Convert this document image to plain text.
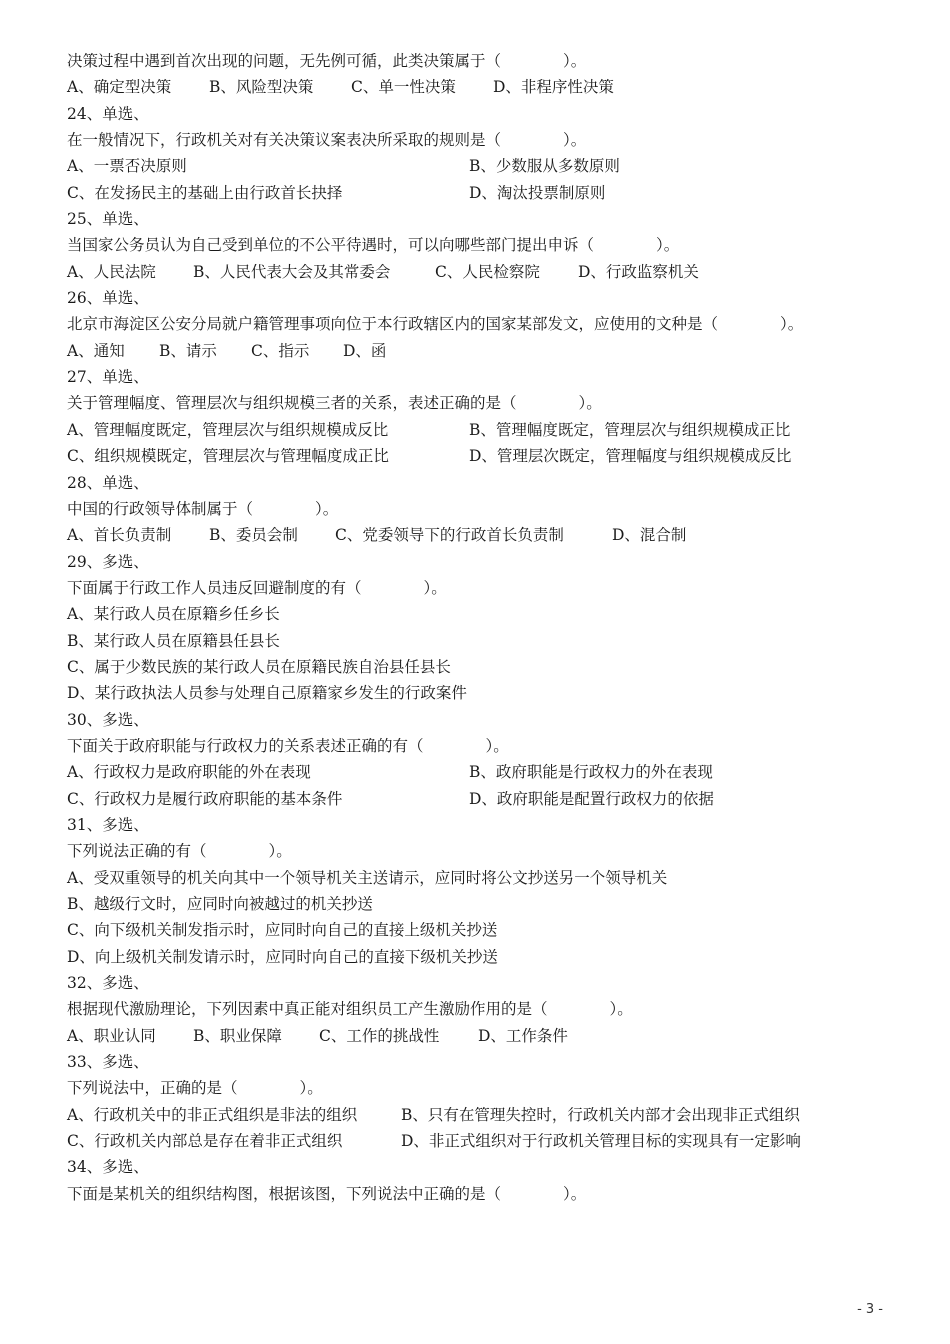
决策过程中遇到首次出现的问题，无先例可循，此类决策属于（　　　　）。
A、确定型决策 B、风险型决策 C、单一性决策 D、非程序性决策
24、单选、
在一般情况下，行政机关对有关决策议案表决所采取的规则是（　　　　）。
A、一票否决原则	B、少数服从多数原则
C、在发扬民主的基础上由行政首长抉择	D、淘汰投票制原则
25、单选、
当国家公务员认为自己受到单位的不公平待遇时，可以向哪些部门提出申诉（　　　　）。
A、人民法院 B、人民代表大会及其常委会	C、人民检察院 D、行政监察机关
26、单选、
北京市海淀区公安分局就户籍管理事项向位于本行政辖区内的国家某部发文，应使用的文种是（　　　　）。
A、通知 B、请示 C、指示 D、函
27、单选、
关于管理幅度、管理层次与组织规模三者的关系，表述正确的是（　　　　）。
A、管理幅度既定，管理层次与组织规模成反比	B、管理幅度既定，管理层次与组织规模成正比
C、组织规模既定，管理层次与管理幅度成正比	D、管理层次既定，管理幅度与组织规模成反比
28、单选、
中国的行政领导体制属于（　　　　）。
A、首长负责制 B、委员会制 C、党委领导下的行政首长负责制	D、混合制
29、多选、
下面属于行政工作人员违反回避制度的有（　　　　）。
A、某行政人员在原籍乡任乡长
B、某行政人员在原籍县任县长
C、属于少数民族的某行政人员在原籍民族自治县任县长
D、某行政执法人员参与处理自己原籍家乡发生的行政案件
30、多选、
下面关于政府职能与行政权力的关系表述正确的有（　　　　）。
A、行政权力是政府职能的外在表现	B、政府职能是行政权力的外在表现
C、行政权力是履行政府职能的基本条件	D、政府职能是配置行政权力的依据
31、多选、
下列说法正确的有（　　　　）。
A、受双重领导的机关向其中一个领导机关主送请示，应同时将公文抄送另一个领导机关
B、越级行文时，应同时向被越过的机关抄送
C、向下级机关制发指示时，应同时向自己的直接上级机关抄送
D、向上级机关制发请示时，应同时向自己的直接下级机关抄送
32、多选、
根据现代激励理论，下列因素中真正能对组织员工产生激励作用的是（　　　　）。
A、职业认同 B、职业保障 C、工作的挑战性 D、工作条件
33、多选、
下列说法中，正确的是（　　　　）。
A、行政机关中的非正式组织是非法的组织	B、只有在管理失控时，行政机关内部才会出现非正式组织
C、行政机关内部总是存在着非正式组织	D、非正式组织对于行政机关管理目标的实现具有一定影响
34、多选、
下面是某机关的组织结构图，根据该图，下列说法中正确的是（　　　　）。
- 3 -
